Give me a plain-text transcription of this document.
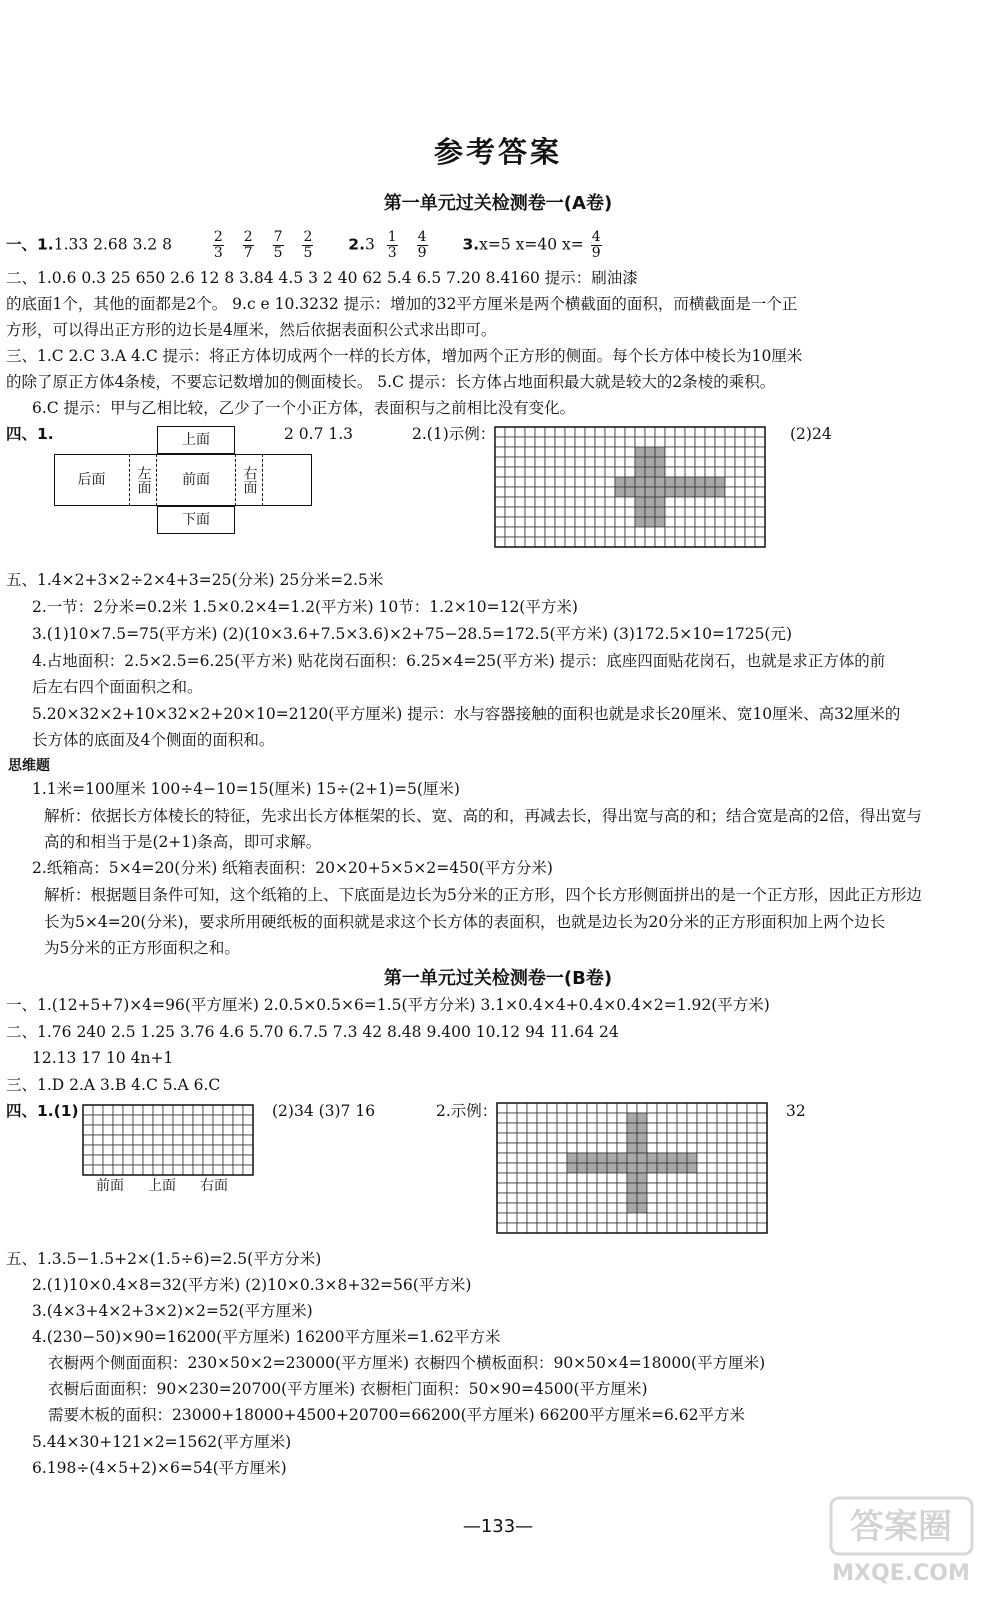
参考答案
第一单元过关检测卷一(A卷)
一、1.1.33 2.68 3.2 8	$\frac{2}{3}$
$\frac{2}{7}$
$\frac{7}{5}$
$\frac{2}{5} 2.3 \frac{1}{3}$
$\frac{4}{9} 3.x=5$ x=40 $x= \frac{4}{9}$
二、1.0.6 0.3 25 650 2.6 12 8 3.84 4.5 3 2 40 62 5.4 6.5 7.20 8.4160 提示：刷油漆
的底面1个，其他的面都是2个。 9.c e 10.3232 提示：增加的32平方厘米是两个横截面的面积，而横截面是一个正
方形，可以得出正方形的边长是4厘米，然后依据表面积公式求出即可。
三、1.C 2.C 3.A 4.C 提示：将正方体切成两个一样的长方体，增加两个正方形的侧面。每个长方体中棱长为10厘米
的除了原正方体4条棱，不要忘记数增加的侧面棱长。 5.C 提示：长方体占地面积最大就是较大的2条棱的乘积。
6.C 提示：甲与乙相比较，乙少了一个小正方体，表面积与之前相比没有变化。
四、1.	2 0.7 1.3	2.(1)示例：	(2)24
上面
后面	左面	前面	右面
下面
五、1.4×2+3×2÷2×4+3=25(分米) 25分米=2.5米
2.一节：2分米=0.2米 1.5×0.2×4=1.2(平方米) 10节：1.2×10=12(平方米)
3.(1)10×7.5=75(平方米) (2)(10×3.6+7.5×3.6)×2+75−28.5=172.5(平方米) (3)172.5×10=1725(元)
4.占地面积：2.5×2.5=6.25(平方米) 贴花岗石面积：6.25×4=25(平方米) 提示：底座四面贴花岗石，也就是求正方体的前
后左右四个面面积之和。
5.20×32×2+10×32×2+20×10=2120(平方厘米) 提示：水与容器接触的面积也就是求长20厘米、宽10厘米、高32厘米的
长方体的底面及4个侧面的面积和。
思维题
1.1米=100厘米 100÷4−10=15(厘米) 15÷(2+1)=5(厘米)
解析：依据长方体棱长的特征，先求出长方体框架的长、宽、高的和，再减去长，得出宽与高的和；结合宽是高的2倍，得出宽与
高的和相当于是(2+1)条高，即可求解。
2.纸箱高：5×4=20(分米) 纸箱表面积：20×20+5×5×2=450(平方分米)
解析：根据题目条件可知，这个纸箱的上、下底面是边长为5分米的正方形，四个长方形侧面拼出的是一个正方形，因此正方形边
长为5×4=20(分米)，要求所用硬纸板的面积就是求这个长方体的表面积，也就是边长为20分米的正方形面积加上两个边长
为5分米的正方形面积之和。
第一单元过关检测卷一(B卷)
一、1.(12+5+7)×4=96(平方厘米) 2.0.5×0.5×6=1.5(平方分米) 3.1×0.4×4+0.4×0.4×2=1.92(平方米)
二、1.76 240 2.5 1.25 3.76 4.6 5.70 6.7.5 7.3 42 8.48 9.400 10.12 94 11.64 24
12.13 17 10 4n+1
三、1.D 2.A 3.B 4.C 5.A 6.C
四、1.(1)	(2)34 (3)7 16	2.示例：	32
前面 上面 右面
五、1.3.5−1.5+2×(1.5÷6)=2.5(平方分米)
2.(1)10×0.4×8=32(平方米) (2)10×0.3×8+32=56(平方米)
3.(4×3+4×2+3×2)×2=52(平方厘米)
4.(230−50)×90=16200(平方厘米) 16200平方厘米=1.62平方米
衣橱两个侧面面积：230×50×2=23000(平方厘米) 衣橱四个横板面积：90×50×4=18000(平方厘米)
衣橱后面面积：90×230=20700(平方厘米) 衣橱柜门面积：50×90=4500(平方厘米)
需要木板的面积：23000+18000+4500+20700=66200(平方厘米) 66200平方厘米=6.62平方米
5.44×30+121×2=1562(平方厘米)
6.198÷(4×5+2)×6=54(平方厘米)
—133—	答案圈
MXQE.COM
